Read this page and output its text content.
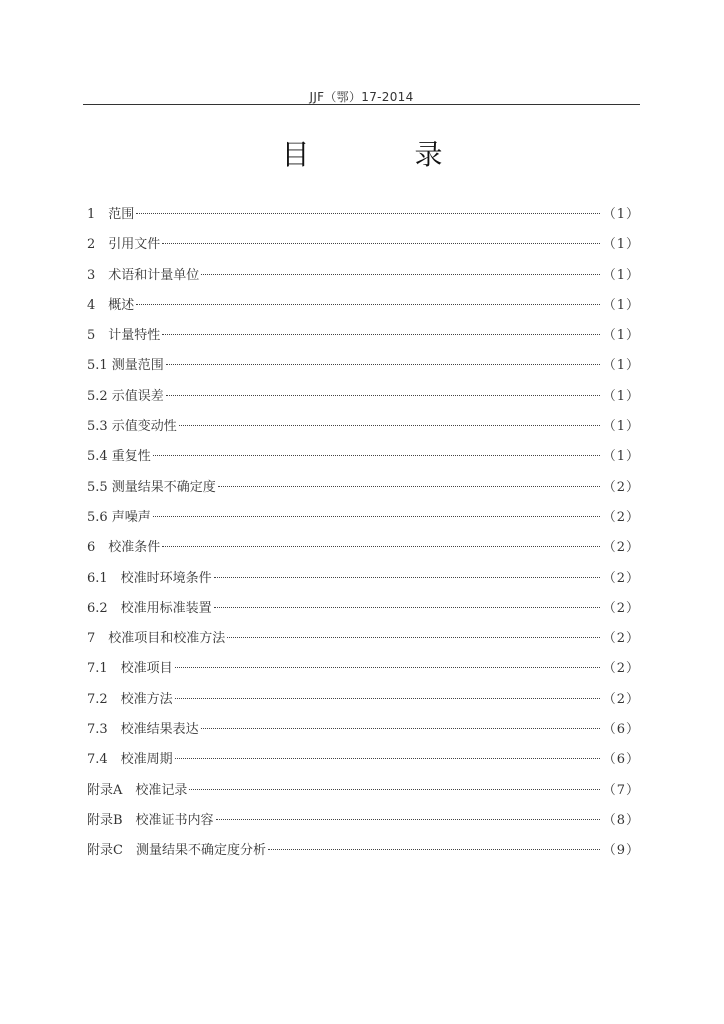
JJF（鄂）17-2014
目 录
1　范围	（1）
2　引用文件	（1）
3　术语和计量单位	（1）
4　概述	（1）
5　计量特性	（1）
5.1 测量范围	（1）
5.2 示值误差	（1）
5.3 示值变动性	（1）
5.4 重复性	（1）
5.5 测量结果不确定度	（2）
5.6 声噪声	（2）
6　校准条件	（2）
6.1　校准时环境条件	（2）
6.2　校准用标准装置	（2）
7　校准项目和校准方法	（2）
7.1　校准项目	（2）
7.2　校准方法	（2）
7.3　校准结果表达	（6）
7.4　校准周期	（6）
附录A　校准记录	（7）
附录B　校准证书内容	（8）
附录C　测量结果不确定度分析	（9）
